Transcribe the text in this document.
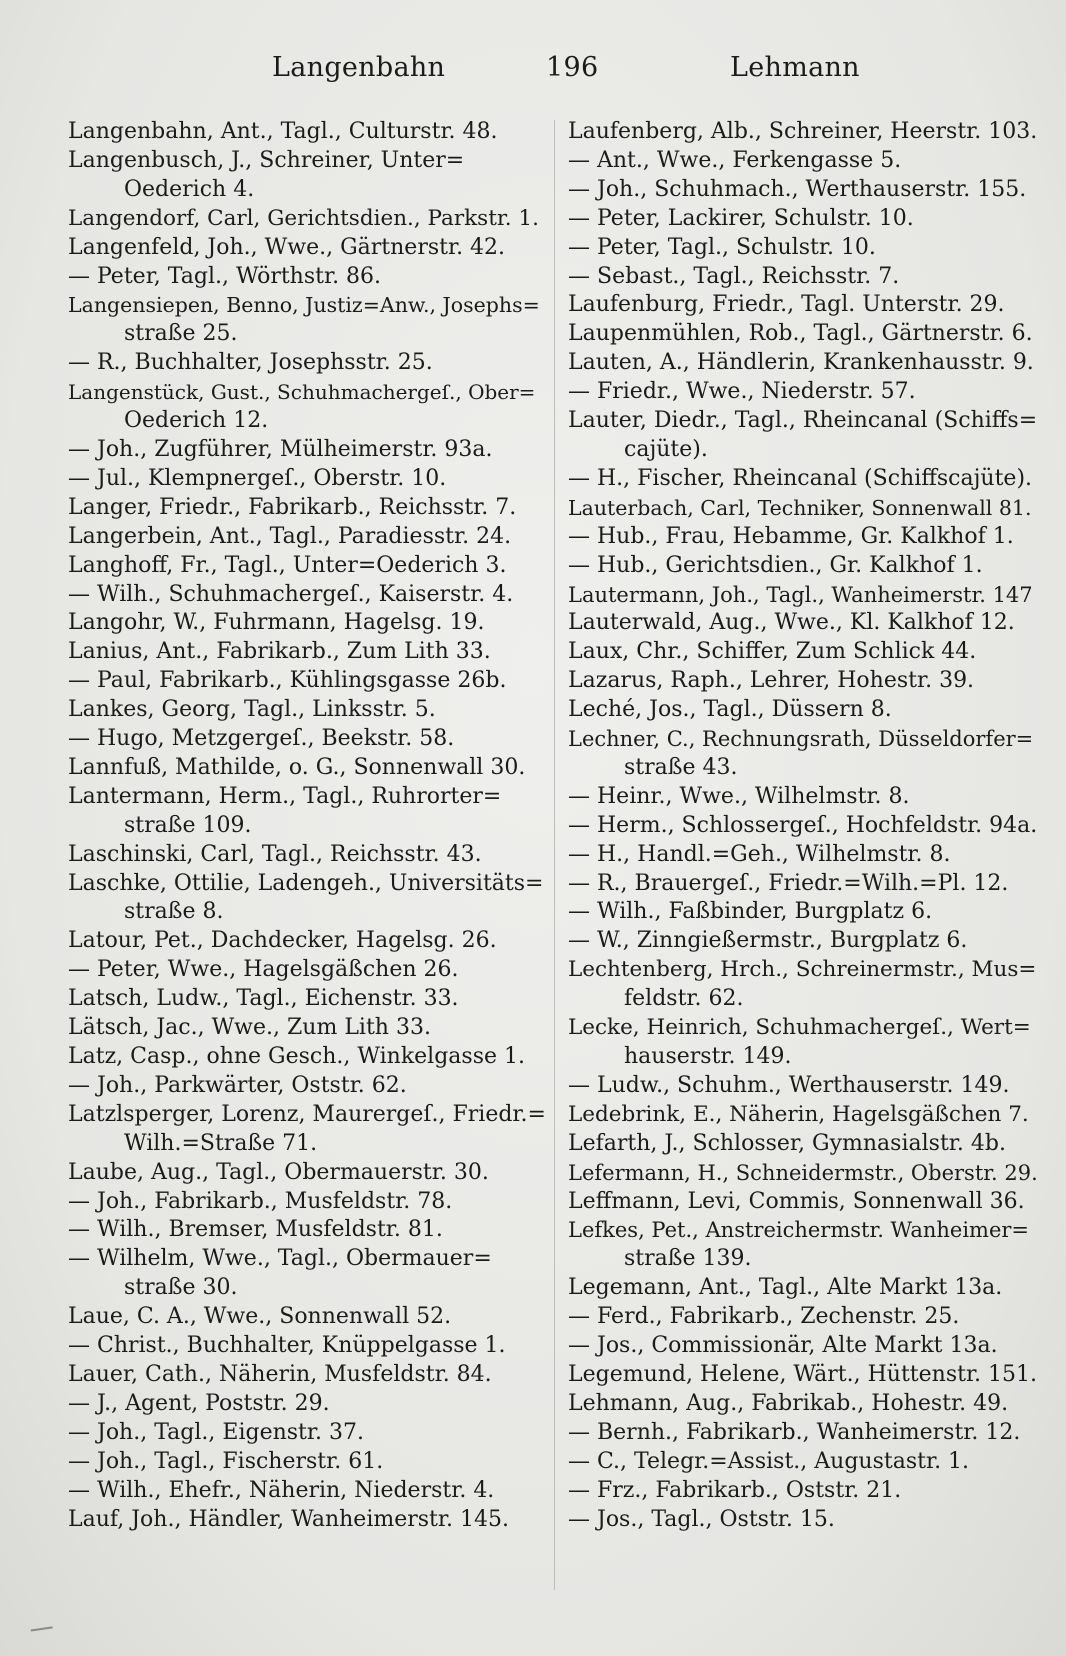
Langenbahn	196	Lehmann
Langenbahn, Ant., Tagl., Culturstr. 48.
Langenbusch, J., Schreiner, Unter=
Oederich 4.
Langendorf, Carl, Gerichtsdien., Parkstr. 1.
Langenfeld, Joh., Wwe., Gärtnerstr. 42.
— Peter, Tagl., Wörthstr. 86.
Langensiepen, Benno, Justiz=Anw., Josephs=
straße 25.
— R., Buchhalter, Josephsstr. 25.
Langenstück, Gust., Schuhmachergeſ., Ober=
Oederich 12.
— Joh., Zugführer, Mülheimerstr. 93a.
— Jul., Klempnergeſ., Oberstr. 10.
Langer, Friedr., Fabrikarb., Reichsstr. 7.
Langerbein, Ant., Tagl., Paradiesstr. 24.
Langhoff, Fr., Tagl., Unter=Oederich 3.
— Wilh., Schuhmachergeſ., Kaiserstr. 4.
Langohr, W., Fuhrmann, Hagelsg. 19.
Lanius, Ant., Fabrikarb., Zum Lith 33.
— Paul, Fabrikarb., Kühlingsgasse 26b.
Lankes, Georg, Tagl., Linksstr. 5.
— Hugo, Metzgergeſ., Beekstr. 58.
Lannfuß, Mathilde, o. G., Sonnenwall 30.
Lantermann, Herm., Tagl., Ruhrorter=
straße 109.
Laschinski, Carl, Tagl., Reichsstr. 43.
Laschke, Ottilie, Ladengeh., Universitäts=
straße 8.
Latour, Pet., Dachdecker, Hagelsg. 26.
— Peter, Wwe., Hagelsgäßchen 26.
Latsch, Ludw., Tagl., Eichenstr. 33.
Lätsch, Jac., Wwe., Zum Lith 33.
Latz, Casp., ohne Gesch., Winkelgasse 1.
— Joh., Parkwärter, Oststr. 62.
Latzlsperger, Lorenz, Maurergeſ., Friedr.=
Wilh.=Straße 71.
Laube, Aug., Tagl., Obermauerstr. 30.
— Joh., Fabrikarb., Musfeldstr. 78.
— Wilh., Bremser, Musfeldstr. 81.
— Wilhelm, Wwe., Tagl., Obermauer=
straße 30.
Laue, C. A., Wwe., Sonnenwall 52.
— Christ., Buchhalter, Knüppelgasse 1.
Lauer, Cath., Näherin, Musfeldstr. 84.
— J., Agent, Poststr. 29.
— Joh., Tagl., Eigenstr. 37.
— Joh., Tagl., Fischerstr. 61.
— Wilh., Ehefr., Näherin, Niederstr. 4.
Lauf, Joh., Händler, Wanheimerstr. 145.
Laufenberg, Alb., Schreiner, Heerstr. 103.
— Ant., Wwe., Ferkengasse 5.
— Joh., Schuhmach., Werthauserstr. 155.
— Peter, Lackirer, Schulstr. 10.
— Peter, Tagl., Schulstr. 10.
— Sebast., Tagl., Reichsstr. 7.
Laufenburg, Friedr., Tagl. Unterstr. 29.
Laupenmühlen, Rob., Tagl., Gärtnerstr. 6.
Lauten, A., Händlerin, Krankenhausstr. 9.
— Friedr., Wwe., Niederstr. 57.
Lauter, Diedr., Tagl., Rheincanal (Schiffs=
cajüte).
— H., Fischer, Rheincanal (Schiffscajüte).
Lauterbach, Carl, Techniker, Sonnenwall 81.
— Hub., Frau, Hebamme, Gr. Kalkhof 1.
— Hub., Gerichtsdien., Gr. Kalkhof 1.
Lautermann, Joh., Tagl., Wanheimerstr. 147
Lauterwald, Aug., Wwe., Kl. Kalkhof 12.
Laux, Chr., Schiffer, Zum Schlick 44.
Lazarus, Raph., Lehrer, Hohestr. 39.
Leché, Jos., Tagl., Düssern 8.
Lechner, C., Rechnungsrath, Düsseldorfer=
straße 43.
— Heinr., Wwe., Wilhelmstr. 8.
— Herm., Schlossergeſ., Hochfeldstr. 94a.
— H., Handl.=Geh., Wilhelmstr. 8.
— R., Brauergeſ., Friedr.=Wilh.=Pl. 12.
— Wilh., Faßbinder, Burgplatz 6.
— W., Zinngießermstr., Burgplatz 6.
Lechtenberg, Hrch., Schreinermstr., Mus=
feldstr. 62.
Lecke, Heinrich, Schuhmachergeſ., Wert=
hauserstr. 149.
— Ludw., Schuhm., Werthauserstr. 149.
Ledebrink, E., Näherin, Hagelsgäßchen 7.
Lefarth, J., Schlosser, Gymnasialstr. 4b.
Lefermann, H., Schneidermstr., Oberstr. 29.
Leffmann, Levi, Commis, Sonnenwall 36.
Lefkes, Pet., Anstreichermstr. Wanheimer=
straße 139.
Legemann, Ant., Tagl., Alte Markt 13a.
— Ferd., Fabrikarb., Zechenstr. 25.
— Jos., Commissionär, Alte Markt 13a.
Legemund, Helene, Wärt., Hüttenstr. 151.
Lehmann, Aug., Fabrikab., Hohestr. 49.
— Bernh., Fabrikarb., Wanheimerstr. 12.
— C., Telegr.=Assist., Augustastr. 1.
— Frz., Fabrikarb., Oststr. 21.
— Jos., Tagl., Oststr. 15.
